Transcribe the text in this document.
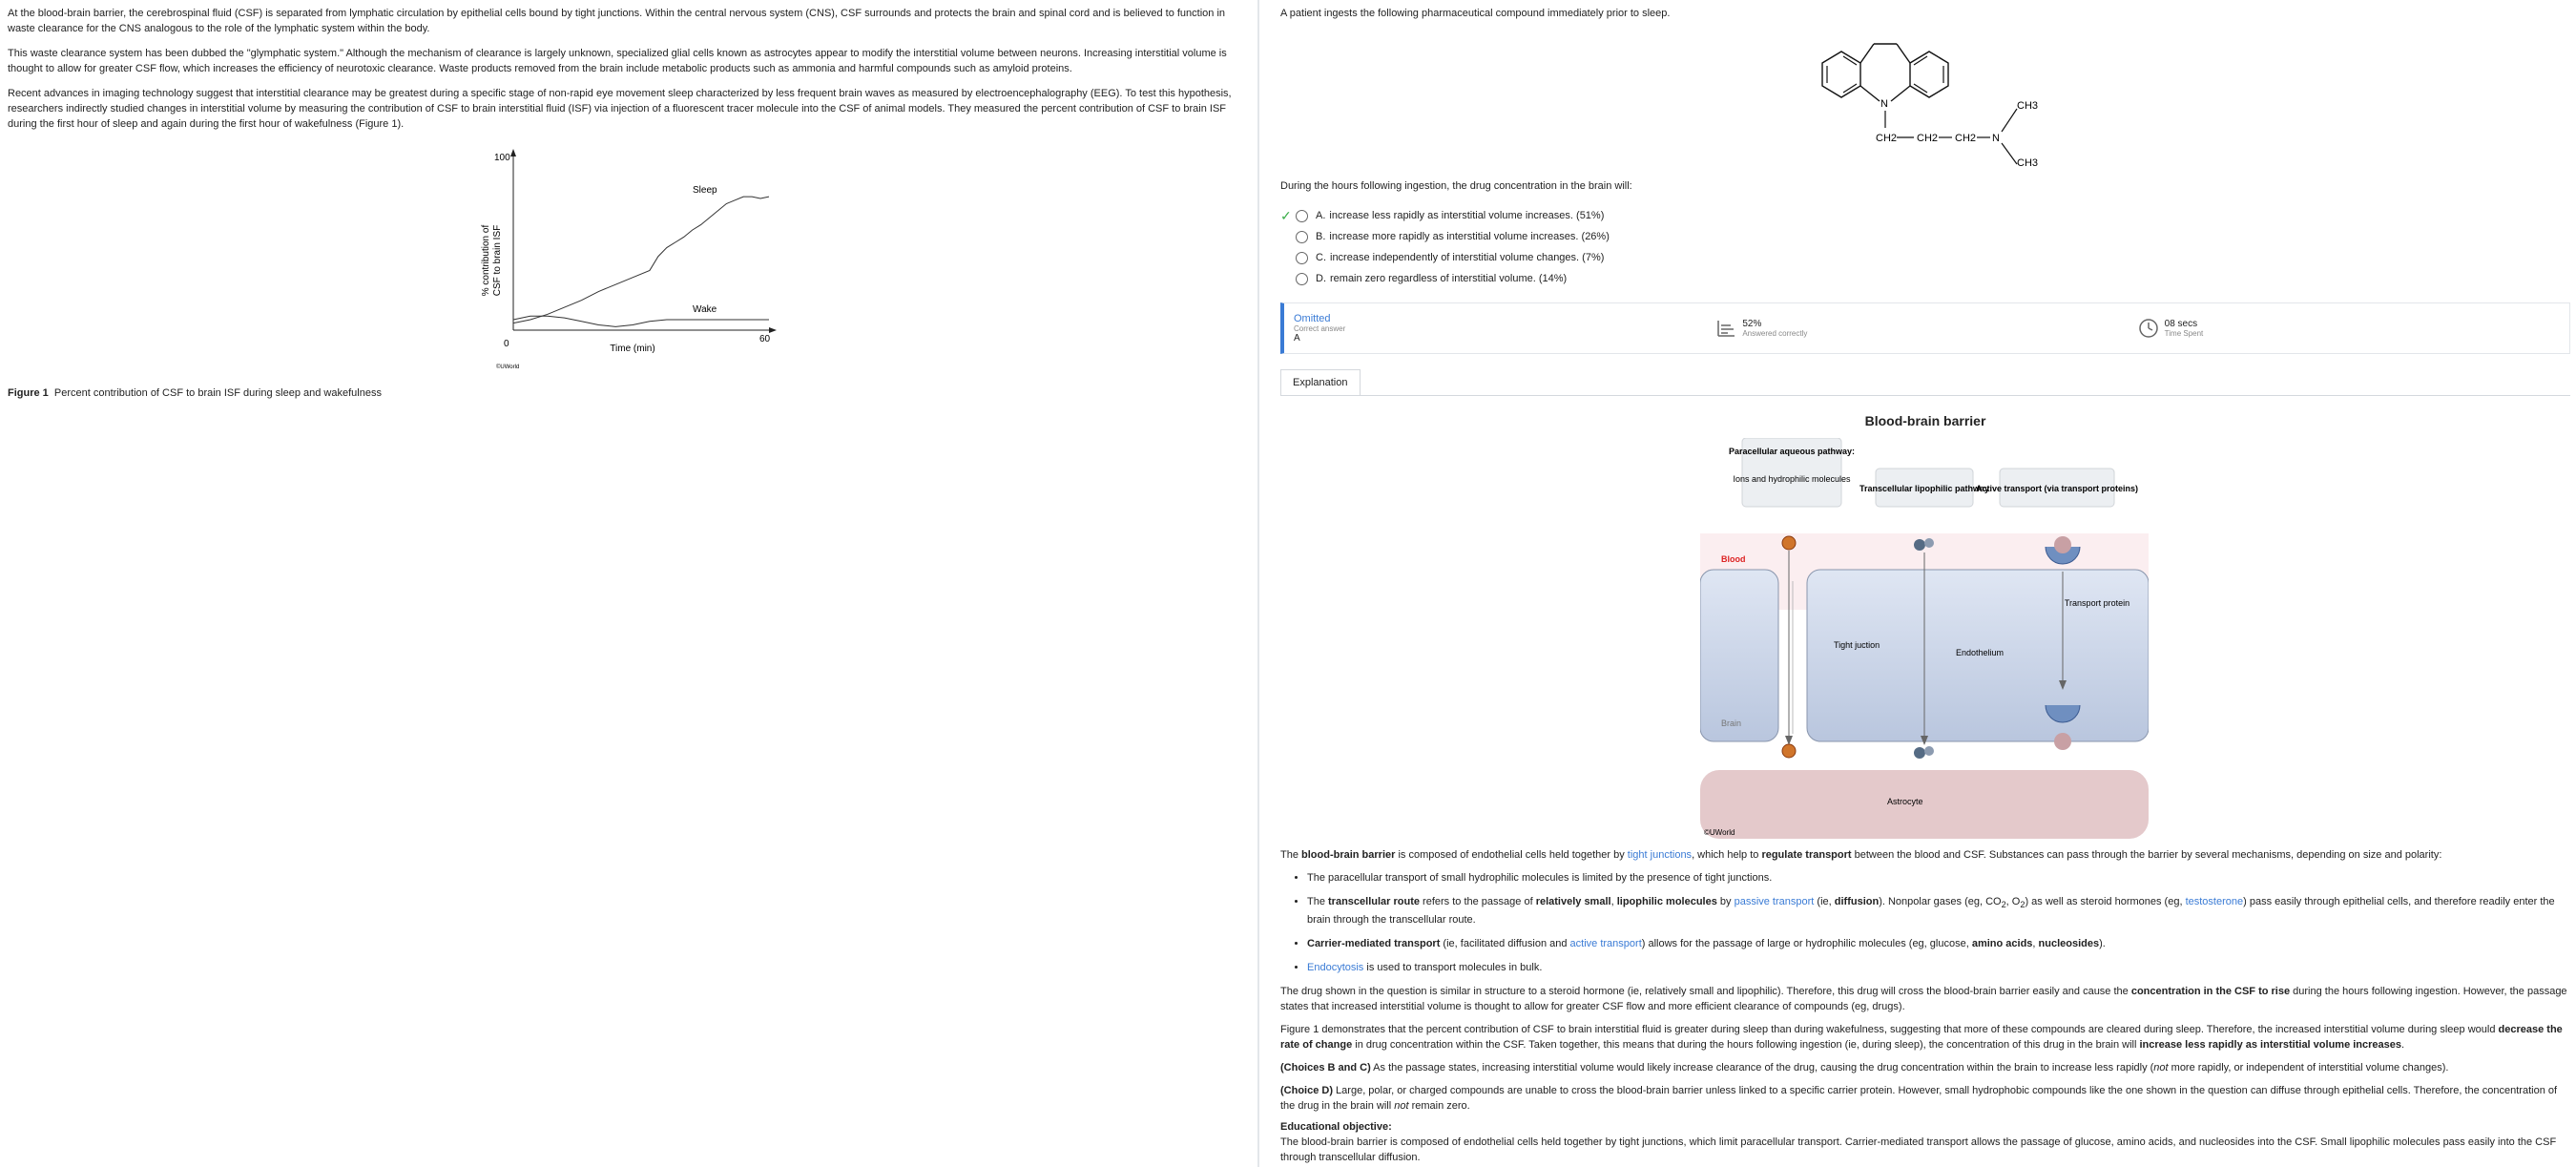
At the blood-brain barrier, the cerebrospinal fluid (CSF) is separated from lymphatic circulation by epithelial cells bound by tight junctions. Within the central nervous system (CNS), CSF surrounds and protects the brain and spinal cord and is believed to function in waste clearance for the CNS analogous to the role of the lymphatic system within the body.

This waste clearance system has been dubbed the "glymphatic system." Although the mechanism of clearance is largely unknown, specialized glial cells known as astrocytes appear to modify the interstitial volume between neurons. Increasing interstitial volume is thought to allow for greater CSF flow, which increases the efficiency of neurotoxic clearance. Waste products removed from the brain include metabolic products such as ammonia and harmful compounds such as amyloid proteins.

Recent advances in imaging technology suggest that interstitial clearance may be greatest during a specific stage of non-rapid eye movement sleep characterized by less frequent brain waves as measured by electroencephalography (EEG). To test this hypothesis, researchers indirectly studied changes in interstitial volume by measuring the contribution of CSF to brain interstitial fluid (ISF) via injection of a fluorescent tracer molecule into the CSF of animal models. They measured the percent contribution of CSF to brain ISF during the first hour of sleep and again during the first hour of wakefulness (Figure 1).

% contribution ofCSF to brain ISF
Sleep
Wake
100
0	60
Time (min)
©UWorld
Figure 1 Percent contribution of CSF to brain ISF during sleep and wakefulness

A patient ingests the following pharmaceutical compound immediately prior to sleep.

N
CH2 CH2 CH2 N
CH3
CH3

During the hours following ingestion, the drug concentration in the brain will:

✓	A. increase less rapidly as interstitial volume increases.
(51%)
B. increase more rapidly as interstitial volume increases.
(26%)
C. increase independently of interstitial volume changes.
(7%)
D. remain zero regardless of interstitial volume.
(14%)
Omitted
Correct answer
A
52%
Answered correctly
08 secs
Time Spent
Explanation
Blood-brain barrier
Paracellular aqueous pathway:
Ions and hydrophilic molecules
Transcellular lipophilic pathway
Active transport (via transport proteins)
Blood
Tight juction
Endothelium
Brain
Transport protein
Astrocyte
©UWorld

The blood-brain barrier is composed of endothelial cells held together by tight junctions, which help to regulate transport between the blood and CSF. Substances can pass through the barrier by several mechanisms, depending on size and polarity:

• The paracellular transport of small hydrophilic molecules is limited by the presence of tight junctions.
• The transcellular route refers to the passage of relatively small, lipophilic molecules by passive transport (ie, diffusion). Nonpolar gases (eg, $CO_2$, $O_2$) as well as steroid hormones (eg, testosterone) pass easily through epithelial cells, and therefore readily enter the brain through the transcellular route.
• Carrier-mediated transport (ie, facilitated diffusion and active transport) allows for the passage of large or hydrophilic molecules (eg, glucose, amino acids, nucleosides).
• Endocytosis is used to transport molecules in bulk.

The drug shown in the question is similar in structure to a steroid hormone (ie, relatively small and lipophilic). Therefore, this drug will cross the blood-brain barrier easily and cause the concentration in the CSF to rise during the hours following ingestion. However, the passage states that increased interstitial volume is thought to allow for greater CSF flow and more efficient clearance of compounds (eg, drugs).

Figure 1 demonstrates that the percent contribution of CSF to brain interstitial fluid is greater during sleep than during wakefulness, suggesting that more of these compounds are cleared during sleep. Therefore, the increased interstitial volume during sleep would decrease the rate of change in drug concentration within the CSF. Taken together, this means that during the hours following ingestion (ie, during sleep), the concentration of this drug in the brain will increase less rapidly as interstitial volume increases.

(Choices B and C) As the passage states, increasing interstitial volume would likely increase clearance of the drug, causing the drug concentration within the brain to increase less rapidly (not more rapidly, or independent of interstitial volume changes).

(Choice D) Large, polar, or charged compounds are unable to cross the blood-brain barrier unless linked to a specific carrier protein. However, small hydrophobic compounds like the one shown in the question can diffuse through epithelial cells. Therefore, the concentration of the drug in the brain will not remain zero.

Educational objective:

The blood-brain barrier is composed of endothelial cells held together by tight junctions, which limit paracellular transport. Carrier-mediated transport allows the passage of glucose, amino acids, and nucleosides into the CSF. Small lipophilic molecules pass easily into the CSF through transcellular diffusion.
